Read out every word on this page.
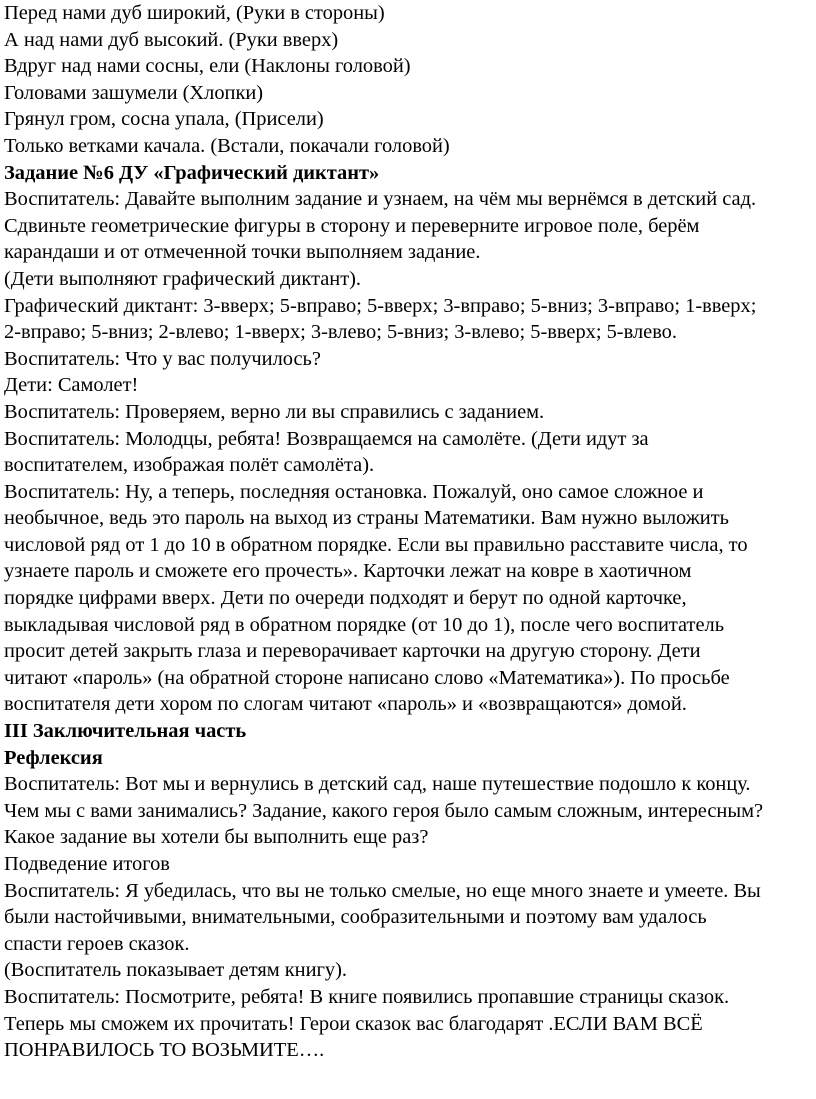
Перед нами дуб широкий, (Руки в стороны)
А над нами дуб высокий. (Руки вверх)
Вдруг над нами сосны, ели (Наклоны головой)
Головами зашумели (Хлопки)
Грянул гром, сосна упала, (Присели)
Только ветками качала. (Встали, покачали головой)
Задание №6 ДУ «Графический диктант»
Воспитатель: Давайте выполним задание и узнаем, на чём мы вернёмся в детский сад.
Сдвиньте геометрические фигуры в сторону и переверните игровое поле, берём
карандаши и от отмеченной точки выполняем задание.
(Дети выполняют графический диктант).
Графический диктант: 3-вверх; 5-вправо; 5-вверх; 3-вправо; 5-вниз; 3-вправо; 1-вверх;
2-вправо; 5-вниз; 2-влево; 1-вверх; 3-влево; 5-вниз; 3-влево; 5-вверх; 5-влево.
Воспитатель: Что у вас получилось?
Дети: Самолет!
Воспитатель: Проверяем, верно ли вы справились с заданием.
Воспитатель: Молодцы, ребята! Возвращаемся на самолёте. (Дети идут за
воспитателем, изображая полёт самолёта).
Воспитатель: Ну, а теперь, последняя остановка. Пожалуй, оно самое сложное и
необычное, ведь это пароль на выход из страны Математики. Вам нужно выложить
числовой ряд от 1 до 10 в обратном порядке. Если вы правильно расставите числа, то
узнаете пароль и сможете его прочесть». Карточки лежат на ковре в хаотичном
порядке цифрами вверх. Дети по очереди подходят и берут по одной карточке,
выкладывая числовой ряд в обратном порядке (от 10 до 1), после чего воспитатель
просит детей закрыть глаза и переворачивает карточки на другую сторону. Дети
читают «пароль» (на обратной стороне написано слово «Математика»). По просьбе
воспитателя дети хором по слогам читают «пароль» и «возвращаются» домой.
III Заключительная часть
Рефлексия
Воспитатель: Вот мы и вернулись в детский сад, наше путешествие подошло к концу.
Чем мы с вами занимались? Задание, какого героя было самым сложным, интересным?
Какое задание вы хотели бы выполнить еще раз?
Подведение итогов
Воспитатель: Я убедилась, что вы не только смелые, но еще много знаете и умеете. Вы
были настойчивыми, внимательными, сообразительными и поэтому вам удалось
спасти героев сказок.
(Воспитатель показывает детям книгу).
Воспитатель: Посмотрите, ребята! В книге появились пропавшие страницы сказок.
Теперь мы сможем их прочитать! Герои сказок вас благодарят .ЕСЛИ ВАМ ВСЁ
ПОНРАВИЛОСЬ ТО ВОЗЬМИТЕ….
